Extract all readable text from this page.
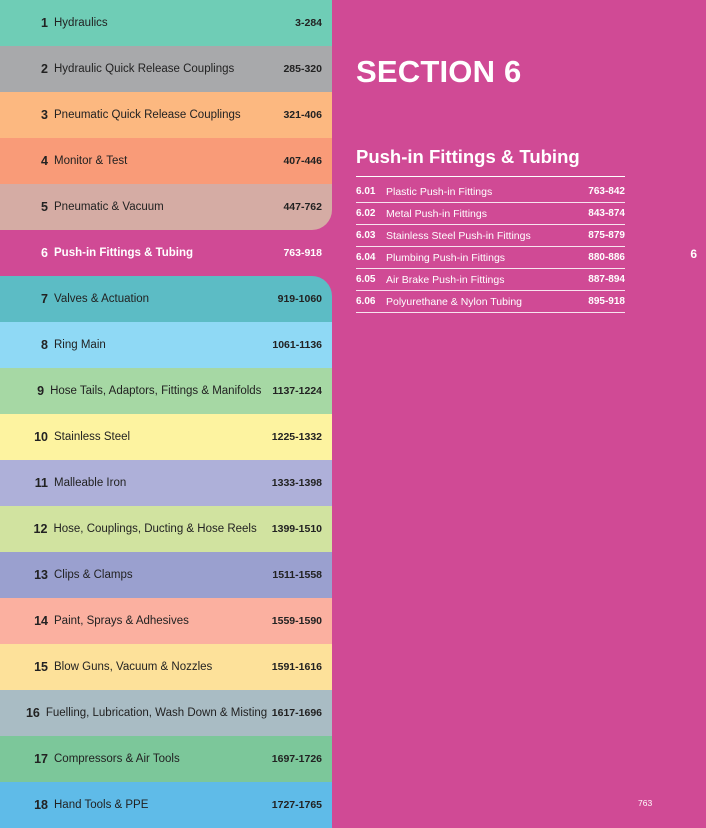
1 Hydraulics	3-284
2 Hydraulic Quick Release Couplings	285-320
3 Pneumatic Quick Release Couplings	321-406
4 Monitor & Test	407-446
5 Pneumatic & Vacuum	447-762
6 Push-in Fittings & Tubing	763-918
7 Valves & Actuation	919-1060
8 Ring Main	1061-1136
9 Hose Tails, Adaptors, Fittings & Manifolds	1137-1224
10 Stainless Steel	1225-1332
11 Malleable Iron	1333-1398
12 Hose, Couplings, Ducting & Hose Reels	1399-1510
13 Clips & Clamps	1511-1558
14 Paint, Sprays & Adhesives	1559-1590
15 Blow Guns, Vacuum & Nozzles	1591-1616
16 Fuelling, Lubrication, Wash Down & Misting 1617-1696
17 Compressors & Air Tools	1697-1726
18 Hand Tools & PPE	1727-1765
SECTION 6
Push-in Fittings & Tubing
6.01	Plastic Push-in Fittings	763-842
6.02	Metal Push-in Fittings	843-874
6.03	Stainless Steel Push-in Fittings	875-879
6.04	Plumbing Push-in Fittings	880-886
6.05	Air Brake Push-in Fittings	887-894
6.06	Polyurethane & Nylon Tubing	895-918
6
763
